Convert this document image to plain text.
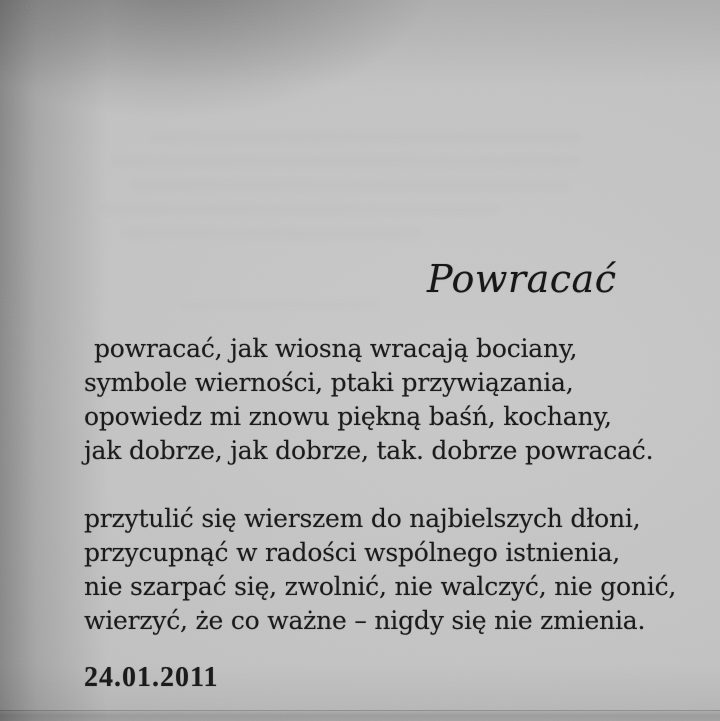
Powracać

powracać, jak wiosną wracają bociany,

symbole wierności, ptaki przywiązania,

opowiedz mi znowu piękną baśń, kochany,

jak dobrze, jak dobrze, tak. dobrze powracać.

przytulić się wierszem do najbielszych dłoni,

przycupnąć w radości wspólnego istnienia,

nie szarpać się, zwolnić, nie walczyć, nie gonić,

wierzyć, że co ważne – nigdy się nie zmienia.

24.01.2011
